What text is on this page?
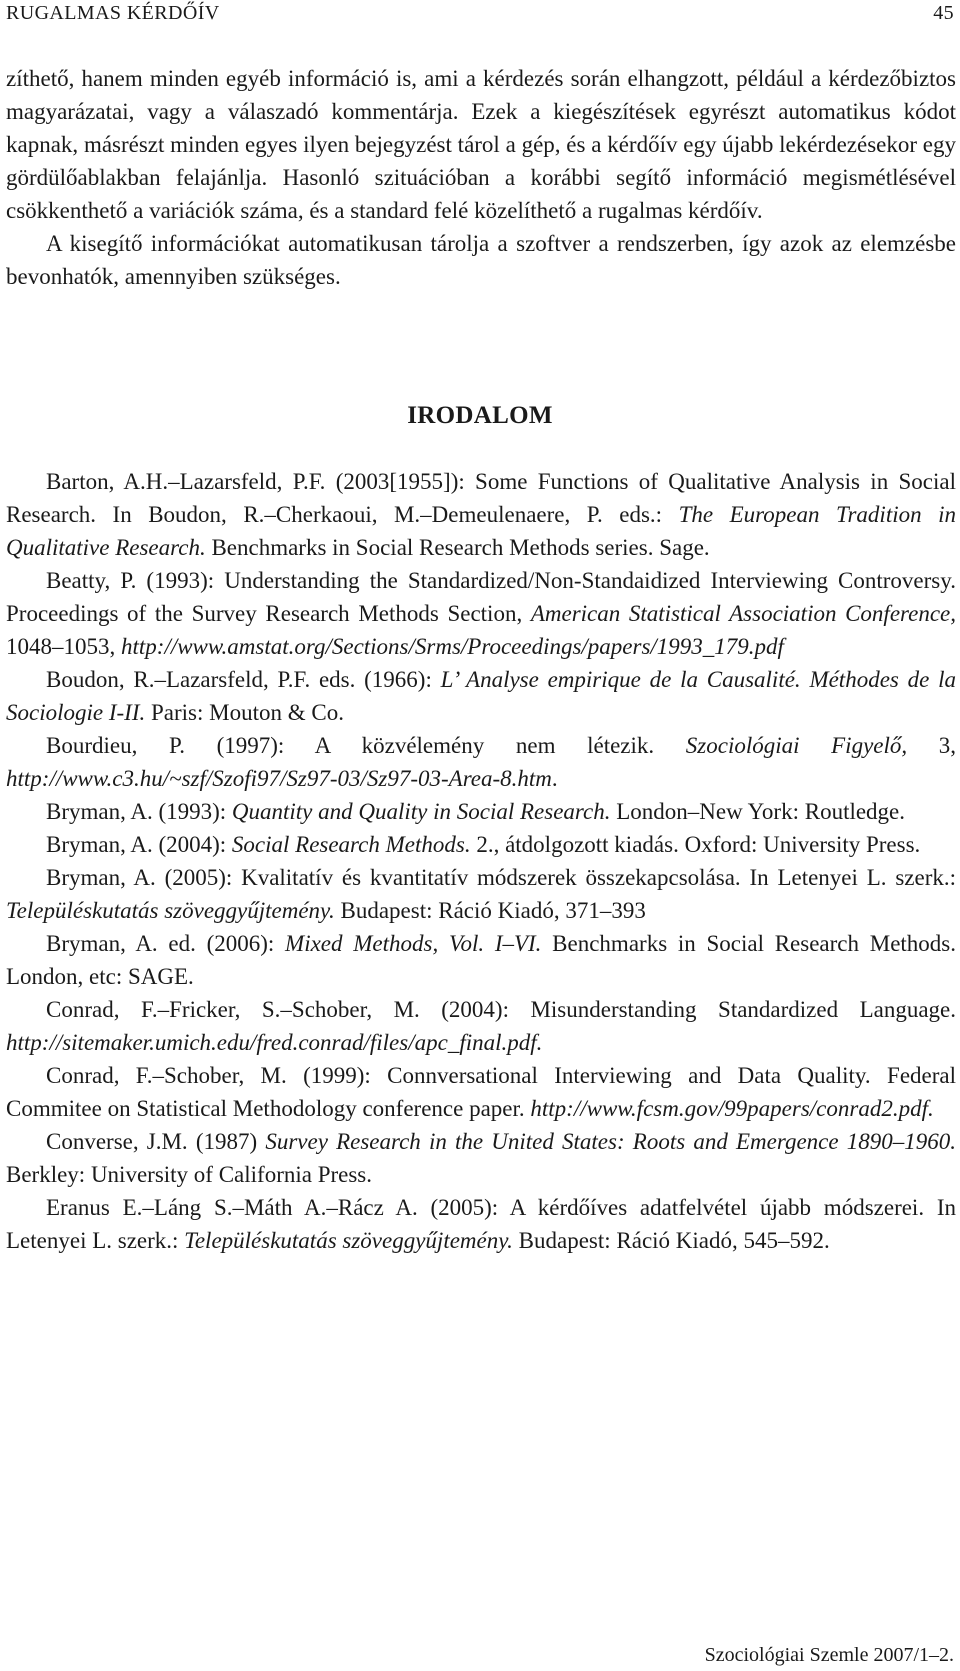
RUGALMAS KÉRDŐÍV	45

zíthető, hanem minden egyéb információ is, ami a kérdezés során elhangzott, például a kérdezőbiztos magyarázatai, vagy a válaszadó kommentárja. Ezek a kiegészítések egyrészt automatikus kódot kapnak, másrészt minden egyes ilyen bejegyzést tárol a gép, és a kérdőív egy újabb lekérdezésekor egy gördülőablakban felajánlja. Hasonló szituációban a korábbi segítő információ megismétlésével csökkenthető a variációk száma, és a standard felé közelíthető a rugalmas kérdőív.

A kisegítő információkat automatikusan tárolja a szoftver a rendszerben, így azok az elemzésbe bevonhatók, amennyiben szükséges.

IRODALOM

Barton, A.H.–Lazarsfeld, P.F. (2003[1955]): Some Functions of Qualitative Analysis in Social Research. In Boudon, R.–Cherkaoui, M.–Demeulenaere, P. eds.: The European Tradition in Qualitative Research. Benchmarks in Social Research Methods series. Sage.

Beatty, P. (1993): Understanding the Standardized/Non-Standaidized Interviewing Controversy. Proceedings of the Survey Research Methods Section, American Statistical Association Conference, 1048–1053, http://www.amstat.org/Sections/Srms/Proceedings/papers/1993_179.pdf

Boudon, R.–Lazarsfeld, P.F. eds. (1966): L’ Analyse empirique de la Causalité. Méthodes de la Sociologie I-II. Paris: Mouton & Co.

Bourdieu, P. (1997): A közvélemény nem létezik. Szociológiai Figyelő, 3, http://www.c3.hu/~szf/Szofi97/Sz97-03/Sz97-03-Area-8.htm.

Bryman, A. (1993): Quantity and Quality in Social Research. London–New York: Routledge.

Bryman, A. (2004): Social Research Methods. 2., átdolgozott kiadás. Oxford: University Press.

Bryman, A. (2005): Kvalitatív és kvantitatív módszerek összekapcsolása. In Letenyei L. szerk.: Településkutatás szöveggyűjtemény. Budapest: Ráció Kiadó, 371–393

Bryman, A. ed. (2006): Mixed Methods, Vol. I–VI. Benchmarks in Social Research Methods. London, etc: SAGE.

Conrad, F.–Fricker, S.–Schober, M. (2004): Misunderstanding Standardized Language. http://sitemaker.umich.edu/fred.conrad/files/apc_final.pdf.

Conrad, F.–Schober, M. (1999): Connversational Interviewing and Data Quality. Federal Commitee on Statistical Methodology conference paper. http://www.fcsm.gov/99papers/conrad2.pdf.

Converse, J.M. (1987) Survey Research in the United States: Roots and Emergence 1890–1960. Berkley: University of California Press.

Eranus E.–Láng S.–Máth A.–Rácz A. (2005): A kérdőíves adatfelvétel újabb módszerei. In Letenyei L. szerk.: Településkutatás szöveggyűjtemény. Budapest: Ráció Kiadó, 545–592.

Szociológiai Szemle 2007/1–2.
